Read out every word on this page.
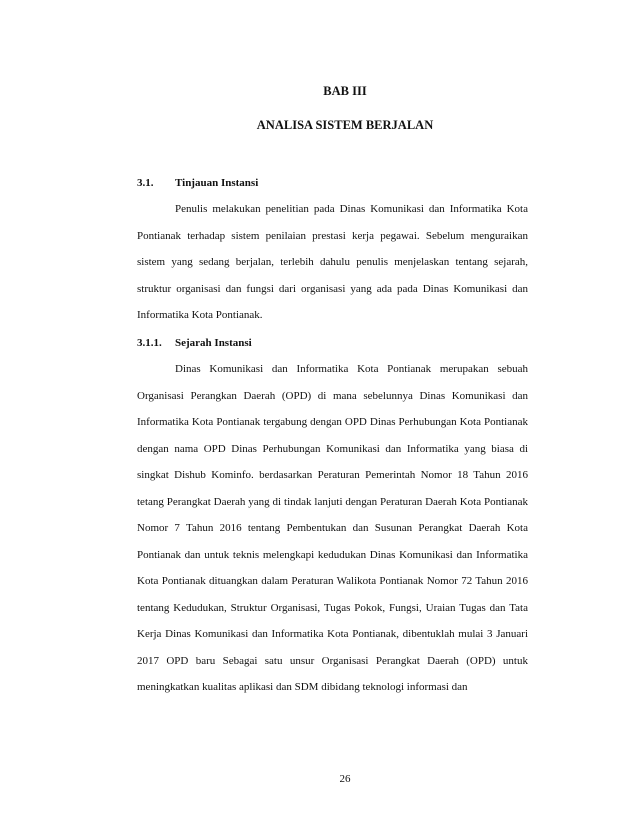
BAB III
ANALISA SISTEM BERJALAN
3.1. Tinjauan Instansi

Penulis melakukan penelitian pada Dinas Komunikasi dan Informatika Kota Pontianak terhadap sistem penilaian prestasi kerja pegawai. Sebelum menguraikan sistem yang sedang berjalan, terlebih dahulu penulis menjelaskan tentang sejarah, struktur organisasi dan fungsi dari organisasi yang ada pada Dinas Komunikasi dan Informatika Kota Pontianak.

3.1.1. Sejarah Instansi

Dinas Komunikasi dan Informatika Kota Pontianak merupakan sebuah Organisasi Perangkan Daerah (OPD) di mana sebelunnya Dinas Komunikasi dan Informatika Kota Pontianak tergabung dengan OPD Dinas Perhubungan Kota Pontianak dengan nama OPD Dinas Perhubungan Komunikasi dan Informatika yang biasa di singkat Dishub Kominfo. berdasarkan Peraturan Pemerintah Nomor 18 Tahun 2016 tetang Perangkat Daerah yang di tindak lanjuti dengan Peraturan Daerah Kota Pontianak Nomor 7 Tahun 2016 tentang Pembentukan dan Susunan Perangkat Daerah Kota Pontianak dan untuk teknis melengkapi kedudukan Dinas Komunikasi dan Informatika Kota Pontianak dituangkan dalam Peraturan Walikota Pontianak Nomor 72 Tahun 2016 tentang Kedudukan, Struktur Organisasi, Tugas Pokok, Fungsi, Uraian Tugas dan Tata Kerja Dinas Komunikasi dan Informatika Kota Pontianak, dibentuklah mulai 3 Januari 2017 OPD baru Sebagai satu unsur Organisasi Perangkat Daerah (OPD) untuk meningkatkan kualitas aplikasi dan SDM dibidang teknologi informasi dan

26
